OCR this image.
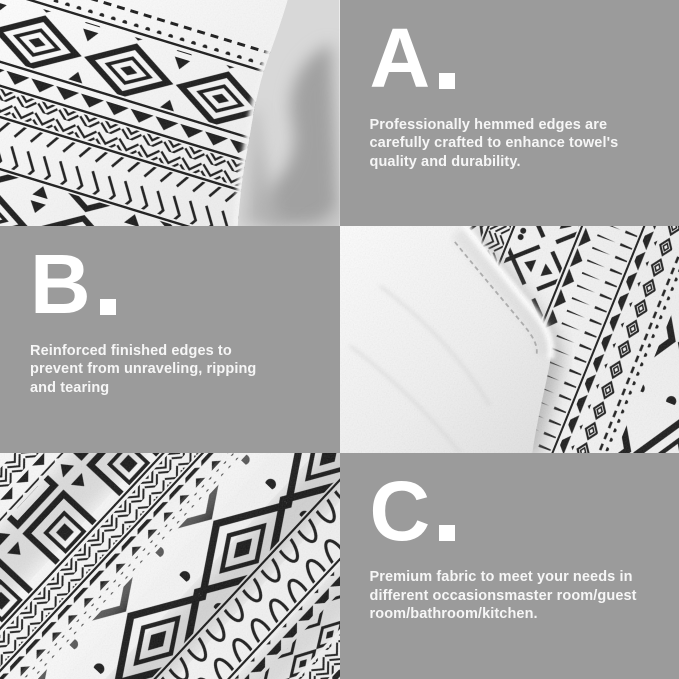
A

Professionally hemmed edges are
carefully crafted to enhance towel's
quality and durability.

B

Reinforced finished edges to
prevent from unraveling, ripping
and tearing

C

Premium fabric to meet your needs in
different occasionsmaster room/guest
room/bathroom/kitchen.
